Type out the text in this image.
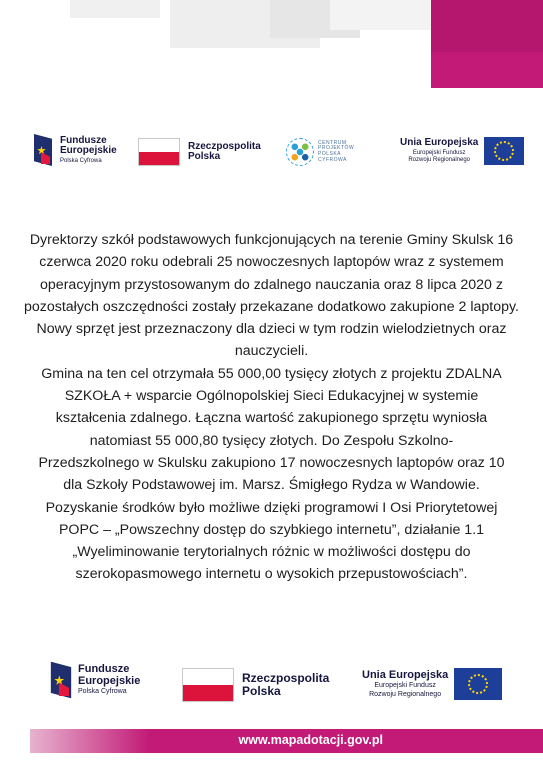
Fundusze
Europejskie
Polska Cyfrowa
Rzeczpospolita
Polska
CENTRUM
PROJEKTÓW
POLSKA
CYFROWA
Unia Europejska
Europejski Fundusz
Rozwoju Regionalnego

Dyrektorzy szkół podstawowych funkcjonujących na terenie Gminy Skulsk 16 czerwca 2020 roku odebrali 25 nowoczesnych laptopów wraz z systemem operacyjnym przystosowanym do zdalnego nauczania oraz 8 lipca 2020 z pozostałych oszczędności zostały przekazane dodatkowo zakupione 2 laptopy. Nowy sprzęt jest przeznaczony dla dzieci w tym rodzin wielodzietnych oraz nauczycieli.

Gmina na ten cel otrzymała 55 000,00 tysięcy złotych z projektu ZDALNA

SZKOŁA + wsparcie Ogólnopolskiej Sieci Edukacyjnej w systemie

kształcenia zdalnego. Łączna wartość zakupionego sprzętu wyniosła

natomiast 55 000,80 tysięcy złotych. Do Zespołu Szkolno-

Przedszkolnego w Skulsku zakupiono 17 nowoczesnych laptopów oraz 10

dla Szkoły Podstawowej im. Marsz. Śmigłego Rydza w Wandowie.

Pozyskanie środków było możliwe dzięki programowi I Osi Priorytetowej

POPC – „Powszechny dostęp do szybkiego internetu”, działanie 1.1

„Wyeliminowanie terytorialnych różnic w możliwości dostępu do

szerokopasmowego internetu o wysokich przepustowościach”.

Fundusze
Europejskie
Polska Cyfrowa
Rzeczpospolita
Polska
Unia Europejska
Europejski Fundusz
Rozwoju Regionalnego
www.mapadotacji.gov.pl
